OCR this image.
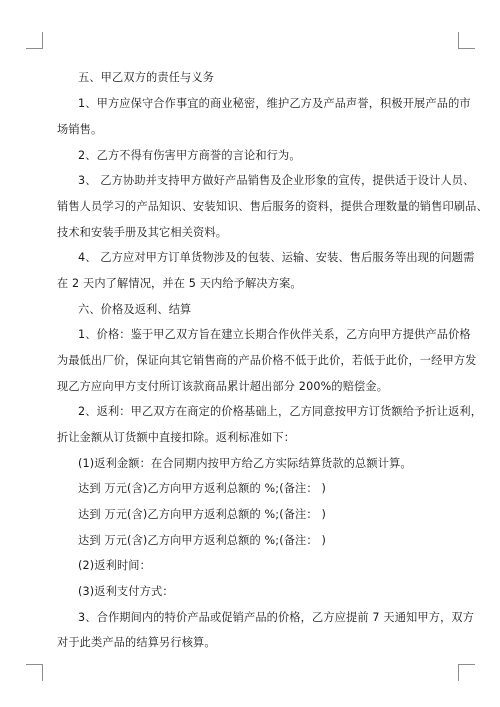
五、甲乙双方的责任与义务
1、甲方应保守合作事宜的商业秘密，维护乙方及产品声誉，积极开展产品的市
场销售。
2、乙方不得有伤害甲方商誉的言论和行为。
3、 乙方协助并支持甲方做好产品销售及企业形象的宣传，提供适于设计人员、
销售人员学习的产品知识、安装知识、售后服务的资料，提供合理数量的销售印刷品、
技术和安装手册及其它相关资料。
4、 乙方应对甲方订单货物涉及的包装、运输、安装、售后服务等出现的问题需
在 2 天内了解情况，并在 5 天内给予解决方案。
六、价格及返利、结算
1、价格：鉴于甲乙双方旨在建立长期合作伙伴关系，乙方向甲方提供产品价格
为最低出厂价，保证向其它销售商的产品价格不低于此价，若低于此价，一经甲方发
现乙方应向甲方支付所订该款商品累计超出部分 200%的赔偿金。
2、返利：甲乙双方在商定的价格基础上，乙方同意按甲方订货额给予折让返利，
折让金额从订货额中直接扣除。返利标准如下：
(1)返利金额：在合同期内按甲方给乙方实际结算货款的总额计算。
达到 万元(含)乙方向甲方返利总额的 %;(备注： )
达到 万元(含)乙方向甲方返利总额的 %;(备注： )
达到 万元(含)乙方向甲方返利总额的 %;(备注： )
(2)返利时间：
(3)返利支付方式：
3、合作期间内的特价产品或促销产品的价格，乙方应提前 7 天通知甲方，双方
对于此类产品的结算另行核算。
